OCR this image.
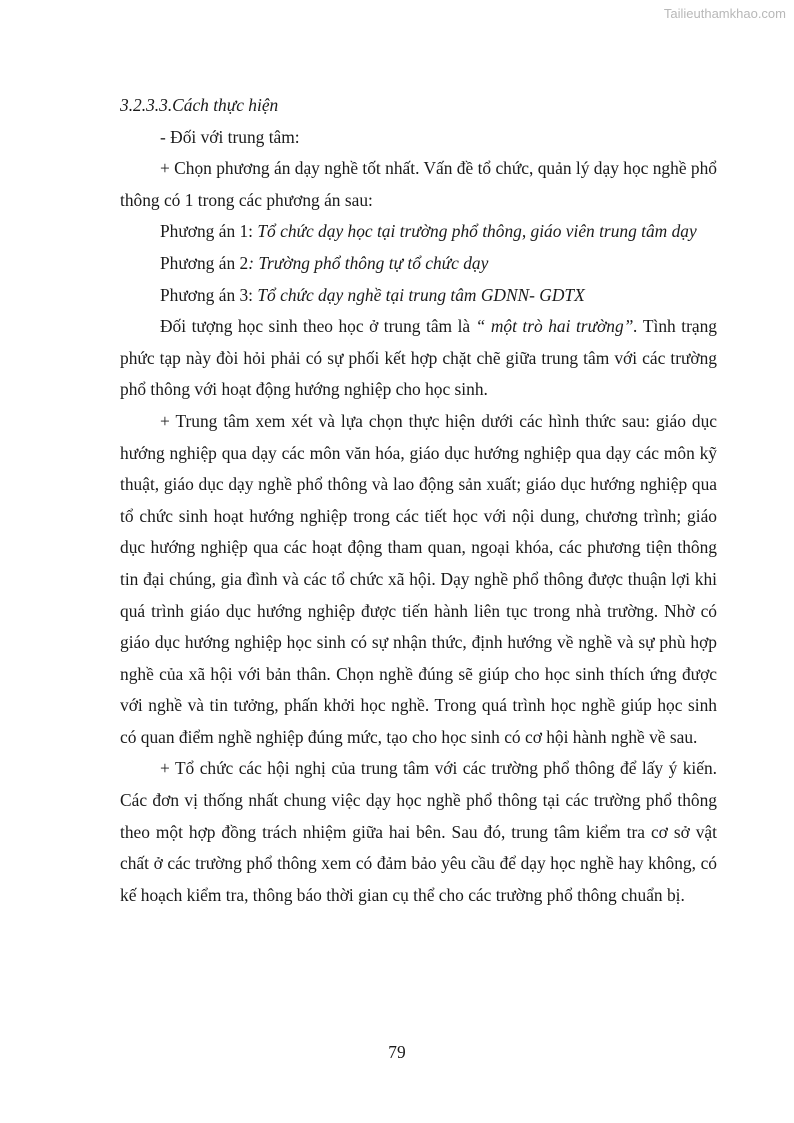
Tailieuthamkhao.com

3.2.3.3.Cách thực hiện

- Đối với trung tâm:

+ Chọn phương án dạy nghề tốt nhất. Vấn đề tổ chức, quản lý dạy học nghề phổ thông có 1 trong các phương án sau:

Phương án 1: Tổ chức dạy học tại trường phổ thông, giáo viên trung tâm dạy

Phương án 2: Trường phổ thông tự tổ chức dạy

Phương án 3: Tổ chức dạy nghề tại trung tâm GDNN- GDTX

Đối tượng học sinh theo học ở trung tâm là “ một trò hai trường”. Tình trạng phức tạp này đòi hỏi phải có sự phối kết hợp chặt chẽ giữa trung tâm với các trường phổ thông với hoạt động hướng nghiệp cho học sinh.

+ Trung tâm xem xét và lựa chọn thực hiện dưới các hình thức sau: giáo dục hướng nghiệp qua dạy các môn văn hóa, giáo dục hướng nghiệp qua dạy các môn kỹ thuật, giáo dục dạy nghề phổ thông và lao động sản xuất; giáo dục hướng nghiệp qua tổ chức sinh hoạt hướng nghiệp trong các tiết học với nội dung, chương trình; giáo dục hướng nghiệp qua các hoạt động tham quan, ngoại khóa, các phương tiện thông tin đại chúng, gia đình và các tổ chức xã hội. Dạy nghề phổ thông được thuận lợi khi quá trình giáo dục hướng nghiệp được tiến hành liên tục trong nhà trường. Nhờ có giáo dục hướng nghiệp học sinh có sự nhận thức, định hướng về nghề và sự phù hợp nghề của xã hội với bản thân. Chọn nghề đúng sẽ giúp cho học sinh thích ứng được với nghề và tin tưởng, phấn khởi học nghề. Trong quá trình học nghề giúp học sinh có quan điểm nghề nghiệp đúng mức, tạo cho học sinh có cơ hội hành nghề về sau.

+ Tổ chức các hội nghị của trung tâm với các trường phổ thông để lấy ý kiến. Các đơn vị thống nhất chung việc dạy học nghề phổ thông tại các trường phổ thông theo một hợp đồng trách nhiệm giữa hai bên. Sau đó, trung tâm kiểm tra cơ sở vật chất ở các trường phổ thông xem có đảm bảo yêu cầu để dạy học nghề hay không, có kế hoạch kiểm tra, thông báo thời gian cụ thể cho các trường phổ thông chuẩn bị.

79
